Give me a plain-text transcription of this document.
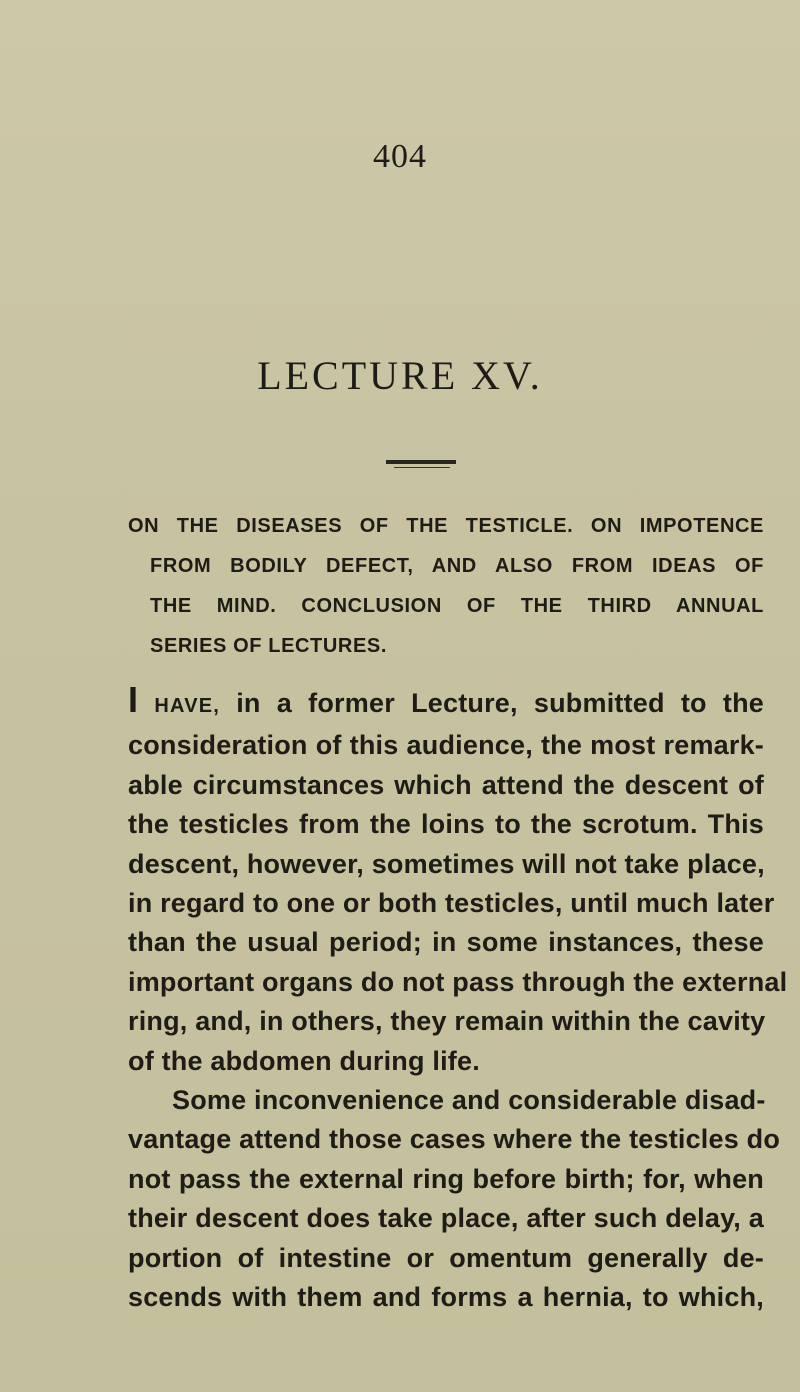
404
LECTURE XV.
ON THE DISEASES OF THE TESTICLE. ON IMPOTENCE
FROM BODILY DEFECT, AND ALSO FROM IDEAS OF
THE MIND. CONCLUSION OF THE THIRD ANNUAL
SERIES OF LECTURES.
I HAVE, in a former Lecture, submitted to the
consideration of this audience, the most remark-
able circumstances which attend the descent of
the testicles from the loins to the scrotum. This
descent, however, sometimes will not take place,
in regard to one or both testicles, until much later
than the usual period; in some instances, these
important organs do not pass through the external
ring, and, in others, they remain within the cavity
of the abdomen during life.
Some inconvenience and considerable disad-
vantage attend those cases where the testicles do
not pass the external ring before birth; for, when
their descent does take place, after such delay, a
portion of intestine or omentum generally de-
scends with them and forms a hernia, to which,
